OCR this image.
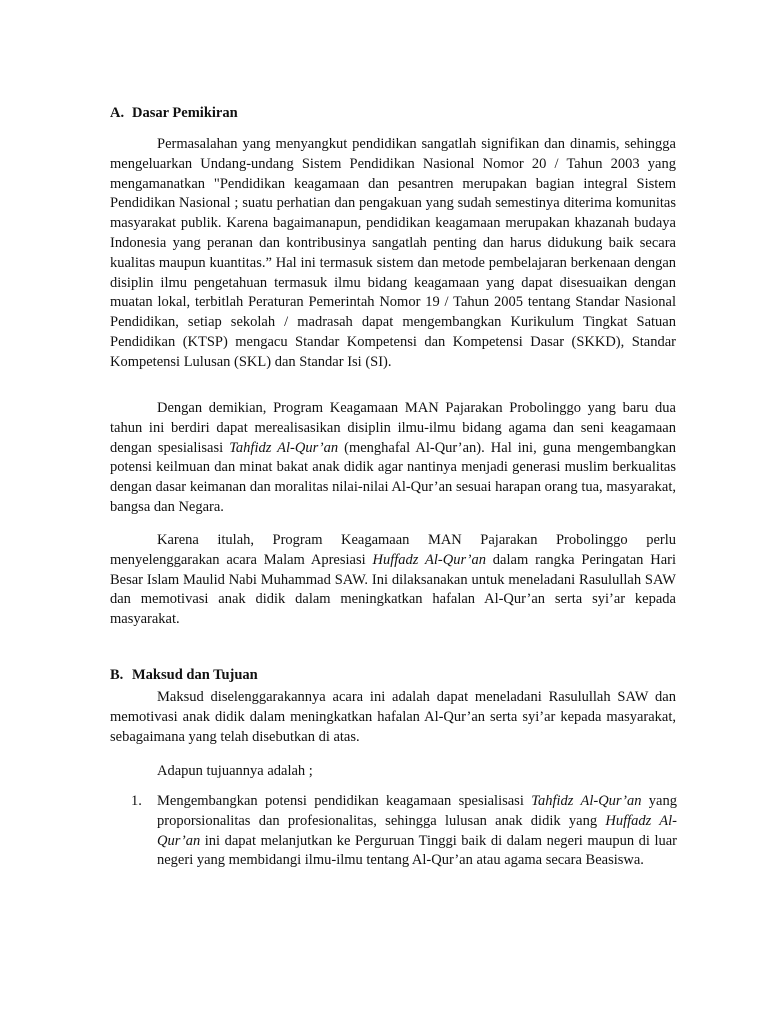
A. Dasar Pemikiran

Permasalahan yang menyangkut pendidikan sangatlah signifikan dan dinamis, sehingga mengeluarkan Undang-undang Sistem Pendidikan Nasional Nomor 20 / Tahun 2003 yang mengamanatkan "Pendidikan keagamaan dan pesantren merupakan bagian integral Sistem Pendidikan Nasional ; suatu perhatian dan pengakuan yang sudah semestinya diterima komunitas masyarakat publik. Karena bagaimanapun, pendidikan keagamaan merupakan khazanah budaya Indonesia yang peranan dan kontribusinya sangatlah penting dan harus didukung baik secara kualitas maupun kuantitas.” Hal ini termasuk sistem dan metode pembelajaran berkenaan dengan disiplin ilmu pengetahuan termasuk ilmu bidang keagamaan yang dapat disesuaikan dengan muatan lokal, terbitlah Peraturan Pemerintah Nomor 19 / Tahun 2005 tentang Standar Nasional Pendidikan, setiap sekolah / madrasah dapat mengembangkan Kurikulum Tingkat Satuan Pendidikan (KTSP) mengacu Standar Kompetensi dan Kompetensi Dasar (SKKD), Standar Kompetensi Lulusan (SKL) dan Standar Isi (SI).

Dengan demikian, Program Keagamaan MAN Pajarakan Probolinggo yang baru dua tahun ini berdiri dapat merealisasikan disiplin ilmu-ilmu bidang agama dan seni keagamaan dengan spesialisasi Tahfidz Al-Qur’an (menghafal Al-Qur’an). Hal ini, guna mengembangkan potensi keilmuan dan minat bakat anak didik agar nantinya menjadi generasi muslim berkualitas dengan dasar keimanan dan moralitas nilai-nilai Al-Qur’an sesuai harapan orang tua, masyarakat, bangsa dan Negara.

Karena itulah, Program Keagamaan MAN Pajarakan Probolinggo perlu menyelenggarakan acara Malam Apresiasi Huffadz Al-Qur’an dalam rangka Peringatan Hari Besar Islam Maulid Nabi Muhammad SAW. Ini dilaksanakan untuk meneladani Rasulullah SAW dan memotivasi anak didik dalam meningkatkan hafalan Al-Qur’an serta syi’ar kepada masyarakat.

B. Maksud dan Tujuan

Maksud diselenggarakannya acara ini adalah dapat meneladani Rasulullah SAW dan memotivasi anak didik dalam meningkatkan hafalan Al-Qur’an serta syi’ar kepada masyarakat, sebagaimana yang telah disebutkan di atas.

Adapun tujuannya adalah ;

1. Mengembangkan potensi pendidikan keagamaan spesialisasi Tahfidz Al-Qur’an yang proporsionalitas dan profesionalitas, sehingga lulusan anak didik yang Huffadz Al-Qur’an ini dapat melanjutkan ke Perguruan Tinggi baik di dalam negeri maupun di luar negeri yang membidangi ilmu-ilmu tentang Al-Qur’an atau agama secara Beasiswa.
